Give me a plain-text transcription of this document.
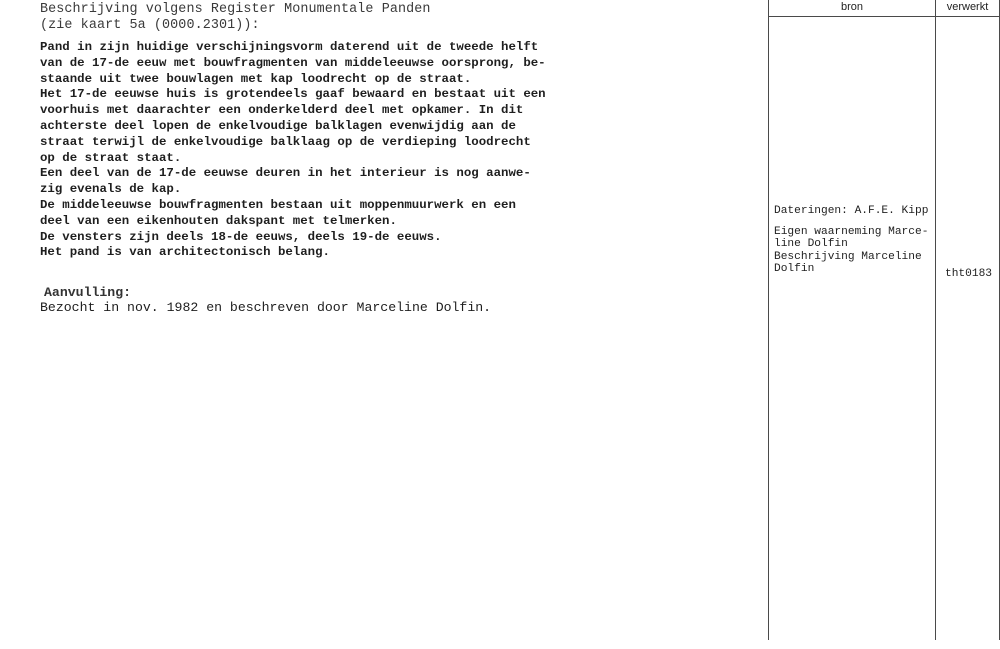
Beschrijving volgens Register Monumentale Panden
(zie kaart 5a (0000.2301)):
Pand in zijn huidige verschijningsvorm daterend uit de tweede helft
van de 17-de eeuw met bouwfragmenten van middeleeuwse oorsprong, be-
staande uit twee bouwlagen met kap loodrecht op de straat.
Het 17-de eeuwse huis is grotendeels gaaf bewaard en bestaat uit een
voorhuis met daarachter een onderkelderd deel met opkamer. In dit
achterste deel lopen de enkelvoudige balklagen evenwijdig aan de
straat terwijl de enkelvoudige balklaag op de verdieping loodrecht
op de straat staat.
Een deel van de 17-de eeuwse deuren in het interieur is nog aanwe-
zig evenals de kap.
De middeleeuwse bouwfragmenten bestaan uit moppenmuurwerk en een
deel van een eikenhouten dakspant met telmerken.
De vensters zijn deels 18-de eeuws, deels 19-de eeuws.
Het pand is van architectonisch belang.
Aanvulling:
Bezocht in nov. 1982 en beschreven door Marceline Dolfin.
bron	verwerkt
Dateringen: A.F.E. Kipp
Eigen waarneming Marce-
line Dolfin
Beschrijving Marceline
Dolfin	tht0183
